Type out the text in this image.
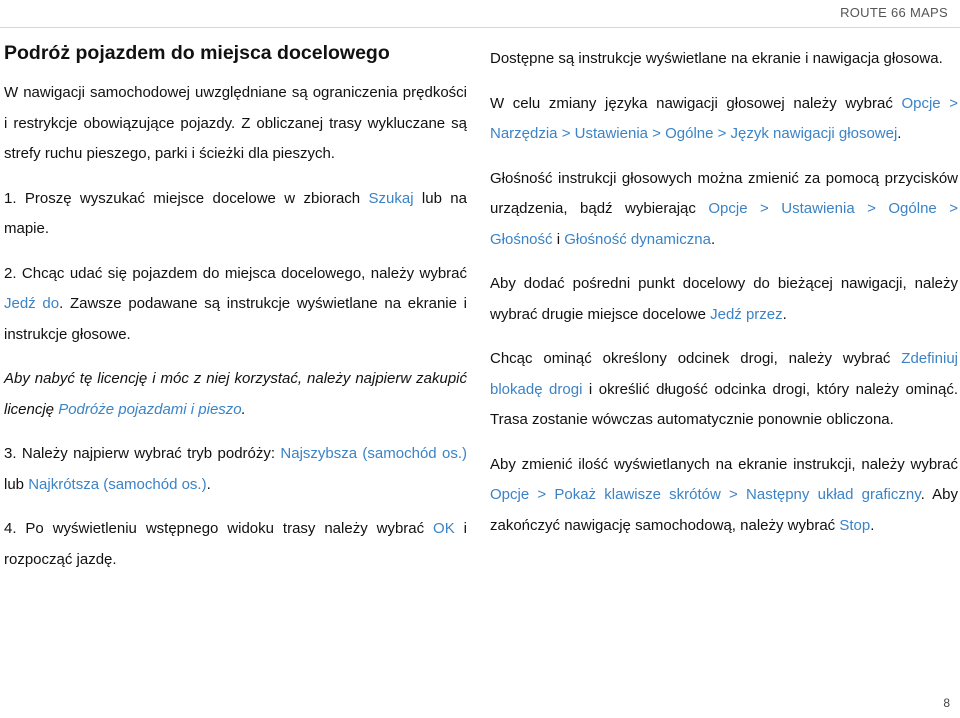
ROUTE 66 MAPS
Podróż pojazdem do miejsca docelowego

W nawigacji samochodowej uwzględniane są ograniczenia prędkości i restrykcje obowiązujące pojazdy. Z obliczanej trasy wykluczane są strefy ruchu pieszego, parki i ścieżki dla pieszych.

1. Proszę wyszukać miejsce docelowe w zbiorach Szukaj lub na mapie.

2. Chcąc udać się pojazdem do miejsca docelowego, należy wybrać Jedź do. Zawsze podawane są instrukcje wyświetlane na ekranie i instrukcje głosowe.

Aby nabyć tę licencję i móc z niej korzystać, należy najpierw zakupić licencję Podróże pojazdami i pieszo.

3. Należy najpierw wybrać tryb podróży: Najszybsza (samochód os.) lub Najkrótsza (samochód os.).

4. Po wyświetleniu wstępnego widoku trasy należy wybrać OK i rozpocząć jazdę.

Dostępne są instrukcje wyświetlane na ekranie i nawigacja głosowa.

W celu zmiany języka nawigacji głosowej należy wybrać Opcje > Narzędzia > Ustawienia > Ogólne > Język nawigacji głosowej.

Głośność instrukcji głosowych można zmienić za pomocą przycisków urządzenia, bądź wybierając Opcje > Ustawienia > Ogólne > Głośność i Głośność dynamiczna.

Aby dodać pośredni punkt docelowy do bieżącej nawigacji, należy wybrać drugie miejsce docelowe Jedź przez.

Chcąc ominąć określony odcinek drogi, należy wybrać Zdefiniuj blokadę drogi i określić długość odcinka drogi, który należy ominąć. Trasa zostanie wówczas automatycznie ponownie obliczona.

Aby zmienić ilość wyświetlanych na ekranie instrukcji, należy wybrać Opcje > Pokaż klawisze skrótów > Następny układ graficzny. Aby zakończyć nawigację samochodową, należy wybrać Stop.

8
